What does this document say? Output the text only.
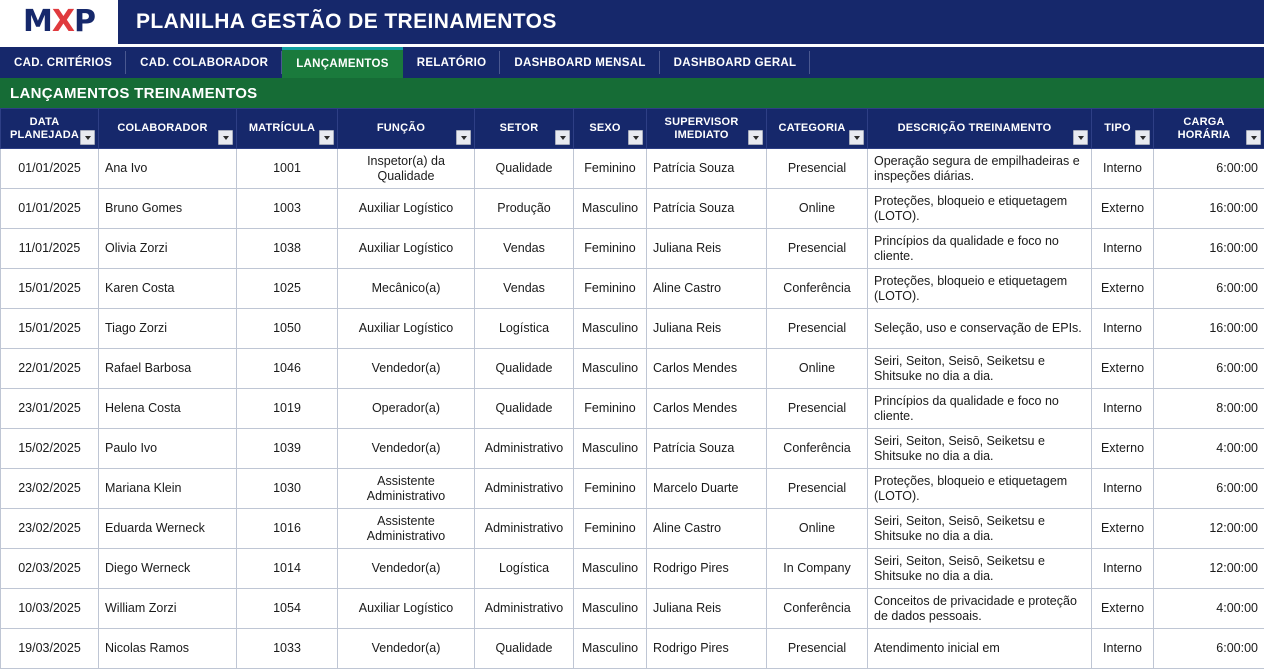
MXP PLANILHA GESTÃO DE TREINAMENTOS
CAD. CRITÉRIOS	CAD. COLABORADOR	LANÇAMENTOS	RELATÓRIO	DASHBOARD MENSAL	DASHBOARD GERAL
LANÇAMENTOS TREINAMENTOS
DATA PLANEJADA	COLABORADOR	MATRÍCULA	FUNÇÃO	SETOR	SEXO	SUPERVISOR IMEDIATO	CATEGORIA	DESCRIÇÃO TREINAMENTO	TIPO	CARGA HORÁRIA

01/01/2025	Ana Ivo	1001	Inspetor(a) da Qualidade	Qualidade	Feminino	Patrícia Souza	Presencial	Operação segura de empilhadeiras e inspeções diárias.	Interno	6:00:00
01/01/2025	Bruno Gomes	1003	Auxiliar Logístico	Produção	Masculino	Patrícia Souza	Online	Proteções, bloqueio e etiquetagem (LOTO).	Externo	16:00:00
11/01/2025	Olivia Zorzi	1038	Auxiliar Logístico	Vendas	Feminino	Juliana Reis	Presencial	Princípios da qualidade e foco no cliente.	Interno	16:00:00
15/01/2025	Karen Costa	1025	Mecânico(a)	Vendas	Feminino	Aline Castro	Conferência	Proteções, bloqueio e etiquetagem (LOTO).	Externo	6:00:00
15/01/2025	Tiago Zorzi	1050	Auxiliar Logístico	Logística	Masculino	Juliana Reis	Presencial	Seleção, uso e conservação de EPIs.	Interno	16:00:00
22/01/2025	Rafael Barbosa	1046	Vendedor(a)	Qualidade	Masculino	Carlos Mendes	Online	Seiri, Seiton, Seisō, Seiketsu e Shitsuke no dia a dia.	Externo	6:00:00
23/01/2025	Helena Costa	1019	Operador(a)	Qualidade	Feminino	Carlos Mendes	Presencial	Princípios da qualidade e foco no cliente.	Interno	8:00:00
15/02/2025	Paulo Ivo	1039	Vendedor(a)	Administrativo	Masculino	Patrícia Souza	Conferência	Seiri, Seiton, Seisō, Seiketsu e Shitsuke no dia a dia.	Externo	4:00:00
23/02/2025	Mariana Klein	1030	Assistente Administrativo	Administrativo	Feminino	Marcelo Duarte	Presencial	Proteções, bloqueio e etiquetagem (LOTO).	Interno	6:00:00
23/02/2025	Eduarda Werneck	1016	Assistente Administrativo	Administrativo	Feminino	Aline Castro	Online	Seiri, Seiton, Seisō, Seiketsu e Shitsuke no dia a dia.	Externo	12:00:00
02/03/2025	Diego Werneck	1014	Vendedor(a)	Logística	Masculino	Rodrigo Pires	In Company	Seiri, Seiton, Seisō, Seiketsu e Shitsuke no dia a dia.	Interno	12:00:00
10/03/2025	William Zorzi	1054	Auxiliar Logístico	Administrativo	Masculino	Juliana Reis	Conferência	Conceitos de privacidade e proteção de dados pessoais.	Externo	4:00:00
19/03/2025	Nicolas Ramos	1033	Vendedor(a)	Qualidade	Masculino	Rodrigo Pires	Presencial	Atendimento inicial em	Interno	6:00:00
